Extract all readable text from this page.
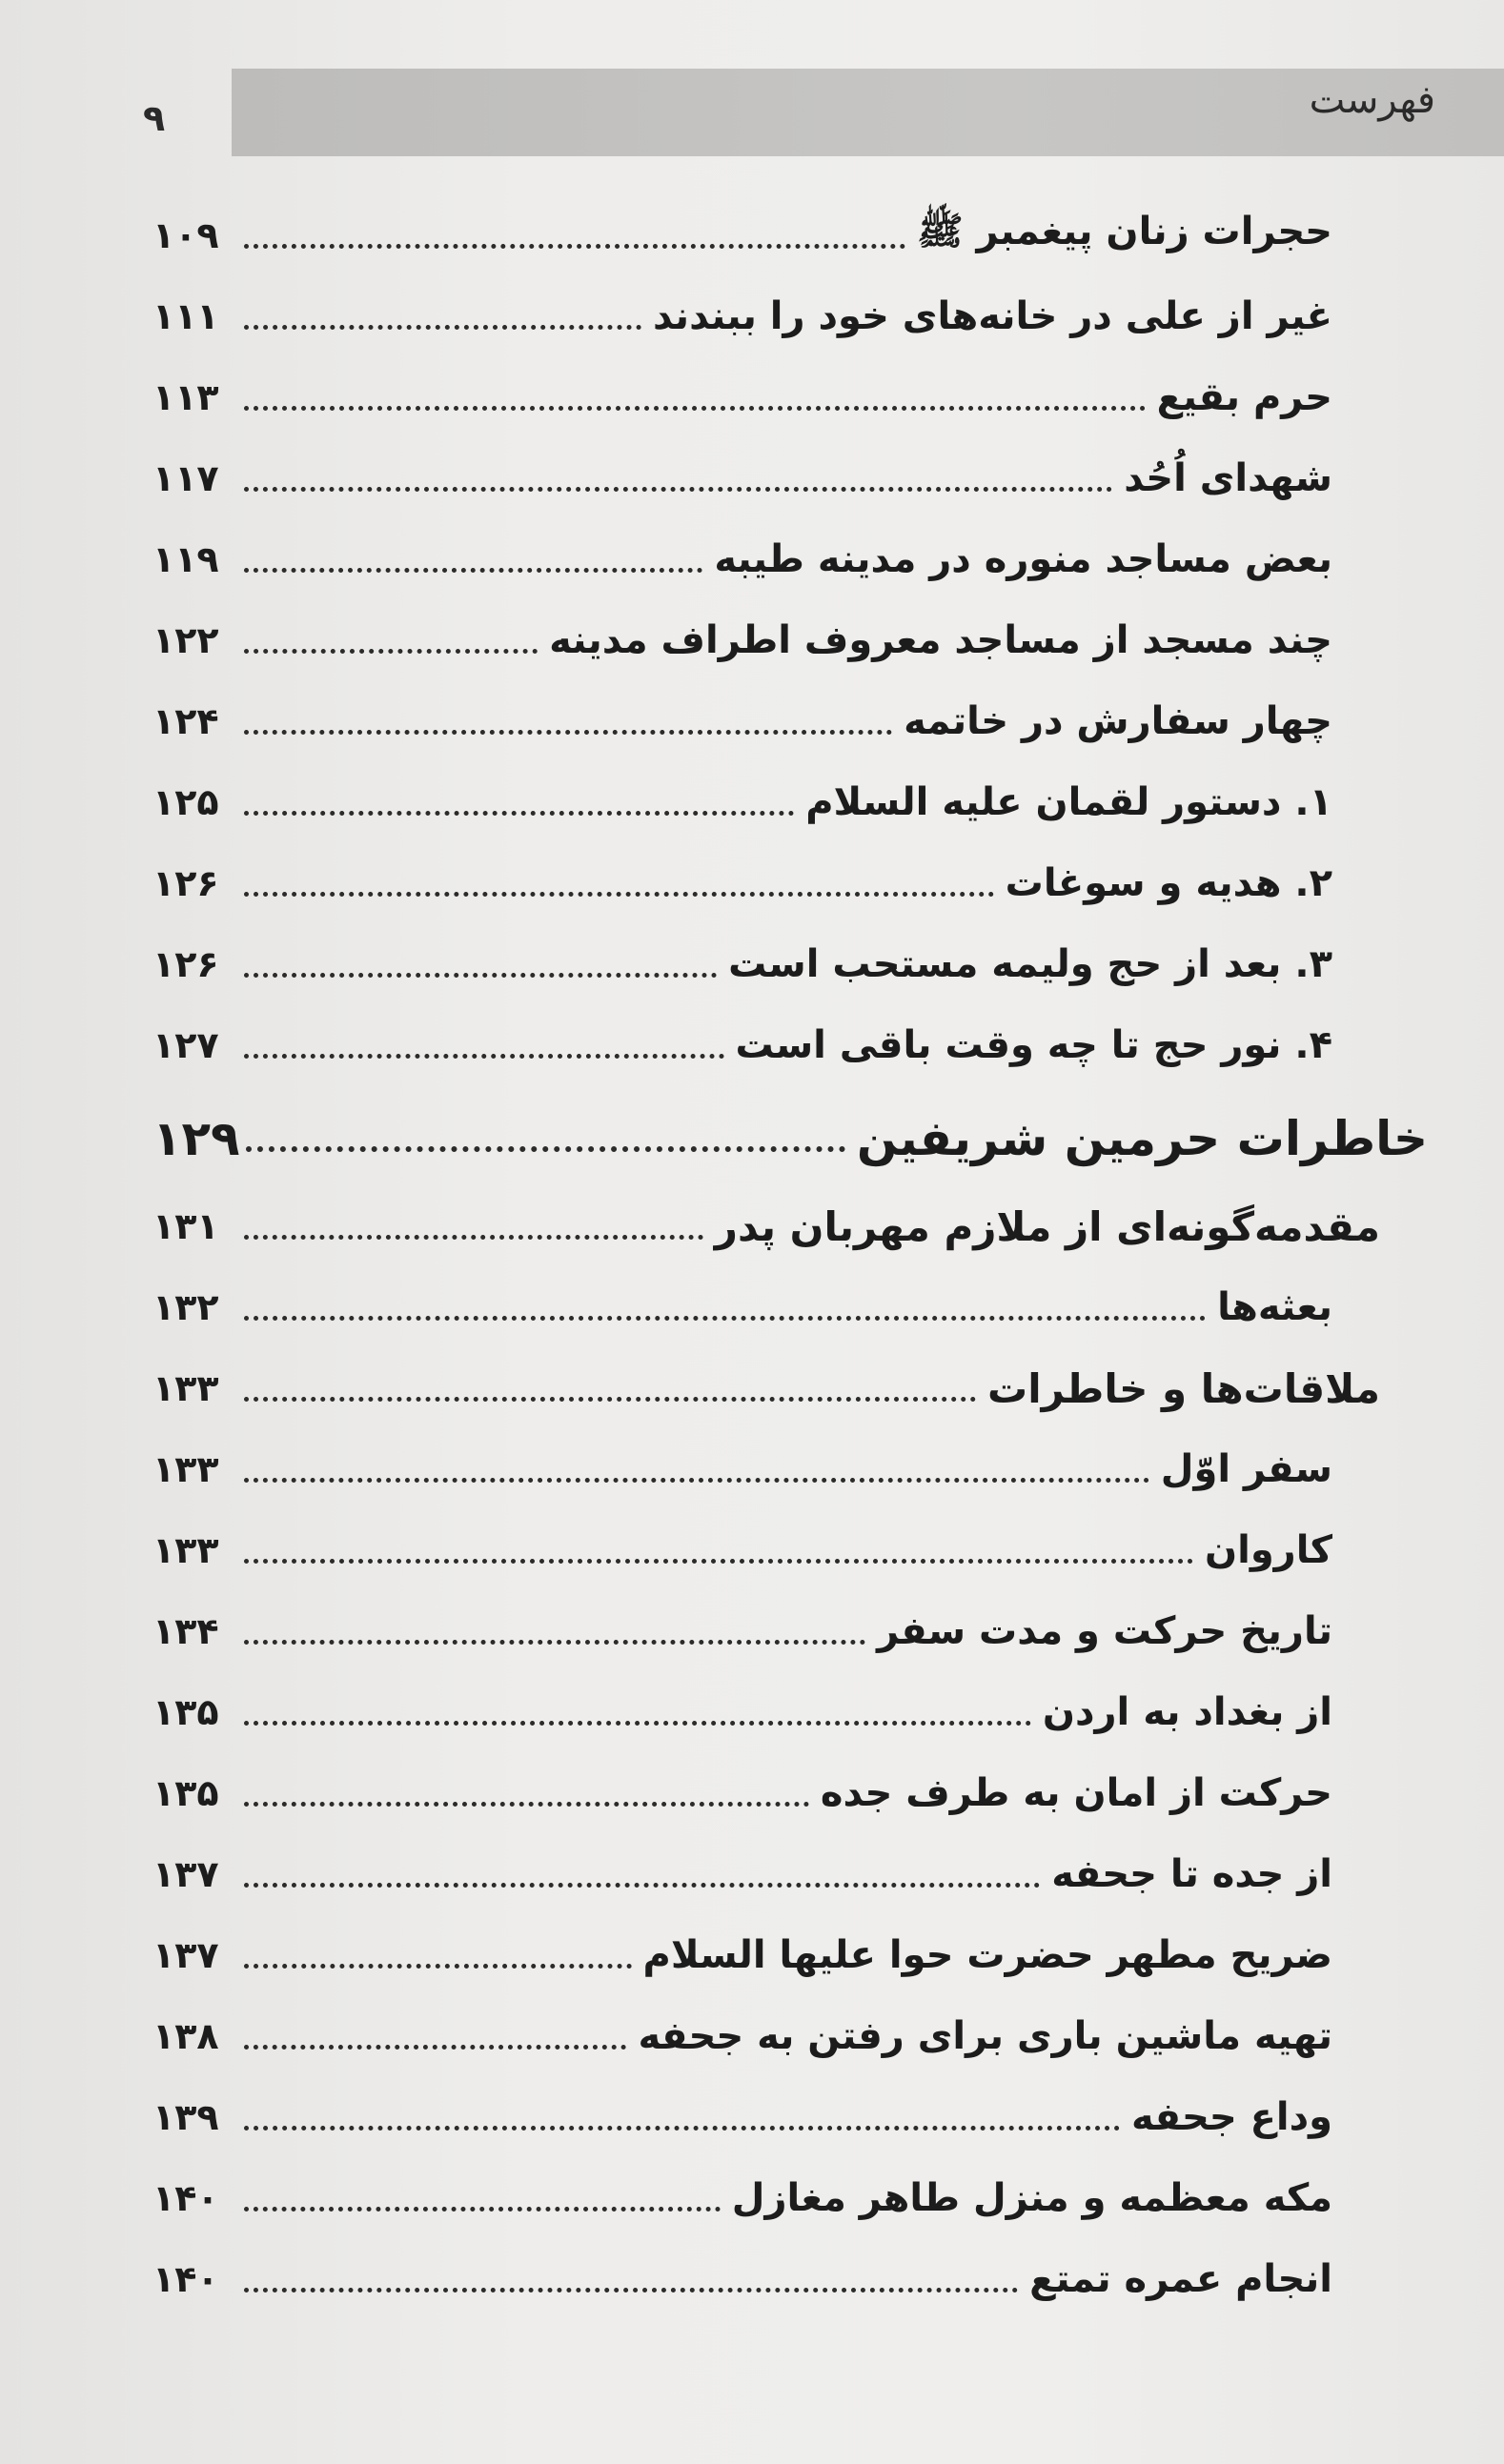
فهرست
۹
حجرات زنان پیغمبر ﷺ
۱۰۹
غیر از علی در خانه‌های خود را ببندند
۱۱۱
حرم بقیع
۱۱۳
شهدای اُحُد
۱۱۷
بعض مساجد منوره در مدینه طیبه
۱۱۹
چند مسجد از مساجد معروف اطراف مدینه
۱۲۲
چهار سفارش در خاتمه
۱۲۴
۱. دستور لقمان علیه السلام
۱۲۵
۲. هدیه و سوغات
۱۲۶
۳. بعد از حج ولیمه مستحب است
۱۲۶
۴. نور حج تا چه وقت باقی است
۱۲۷
خاطرات حرمین شریفین
۱۲۹
مقدمه‌گونه‌ای از ملازم مهربان پدر
۱۳۱
بعثه‌ها
۱۳۲
ملاقات‌ها و خاطرات
۱۳۳
سفر اوّل
۱۳۳
کاروان
۱۳۳
تاریخ حرکت و مدت سفر
۱۳۴
از بغداد به اردن
۱۳۵
حرکت از امان به طرف جده
۱۳۵
از جده تا جحفه
۱۳۷
ضریح مطهر حضرت حوا علیها السلام
۱۳۷
تهیه ماشین باری برای رفتن به جحفه
۱۳۸
وداع جحفه
۱۳۹
مکه معظمه و منزل طاهر مغازل
۱۴۰
انجام عمره تمتع
۱۴۰
